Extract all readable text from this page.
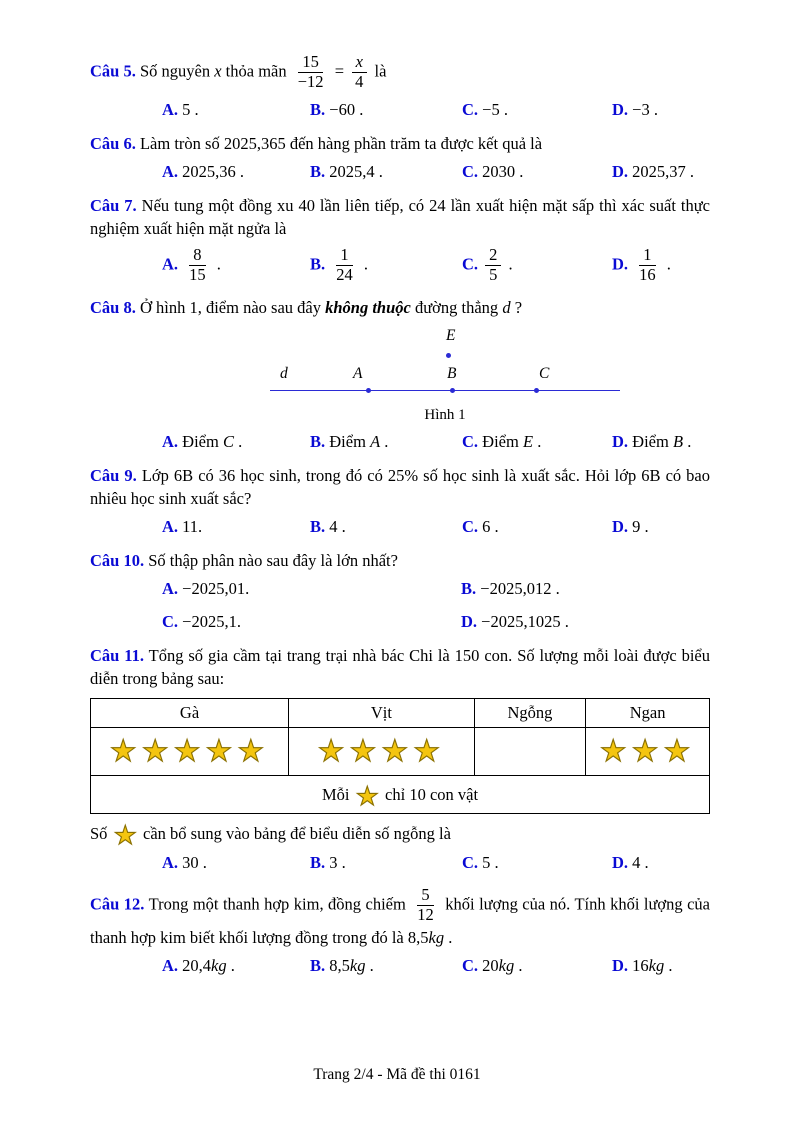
Câu 5. Số nguyên x thỏa mãn $\frac{15}{-12} = \frac{x}{4}$ là

A. 5 .	B. −60 .	C. −5 .	D. −3 .

Câu 6. Làm tròn số 2025,365 đến hàng phần trăm ta được kết quả là

A. 2025,36 .	B. 2025,4 .	C. 2030 .	D. 2025,37 .

Câu 7. Nếu tung một đồng xu 40 lần liên tiếp, có 24 lần xuất hiện mặt sấp thì xác suất thực nghiệm xuất hiện mặt ngửa là

A. $\frac{8}{15}$ .	B. $\frac{1}{24}$ .	C. $\frac{2}{5}$ .	D. $\frac{1}{16}$ .

Câu 8. Ở hình 1, điểm nào sau đây không thuộc đường thẳng d ?

d	A	B	C
E
Hình 1
A. Điểm C .	B. Điểm A .	C. Điểm E .	D. Điểm B .

Câu 9. Lớp 6B có 36 học sinh, trong đó có 25% số học sinh là xuất sắc. Hỏi lớp 6B có bao nhiêu học sinh xuất sắc?

A. 11.	B. 4 .	C. 6 .	D. 9 .

Câu 10. Số thập phân nào sau đây là lớn nhất?

A. −2025,01.	B. −2025,012 .
C. −2025,1.	D. −2025,1025 .

Câu 11. Tổng số gia cầm tại trang trại nhà bác Chi là 150 con. Số lượng mỗi loài được biểu diễn trong bảng sau:

Gà	Vịt	Ngỗng	Ngan
★★★★★	★★★★		★★★
Mỗi ★ chỉ 10 con vật			

Số ★ cần bổ sung vào bảng để biểu diễn số ngỗng là

A. 30 .	B. 3 .	C. 5 .	D. 4 .

Câu 12. Trong một thanh hợp kim, đồng chiếm $\frac{5}{12}$ khối lượng của nó. Tính khối lượng của thanh hợp kim biết khối lượng đồng trong đó là 8,5kg .

A. 20,4kg .	B. 8,5kg .	C. 20kg .	D. 16kg .
Trang 2/4 - Mã đề thi 0161
